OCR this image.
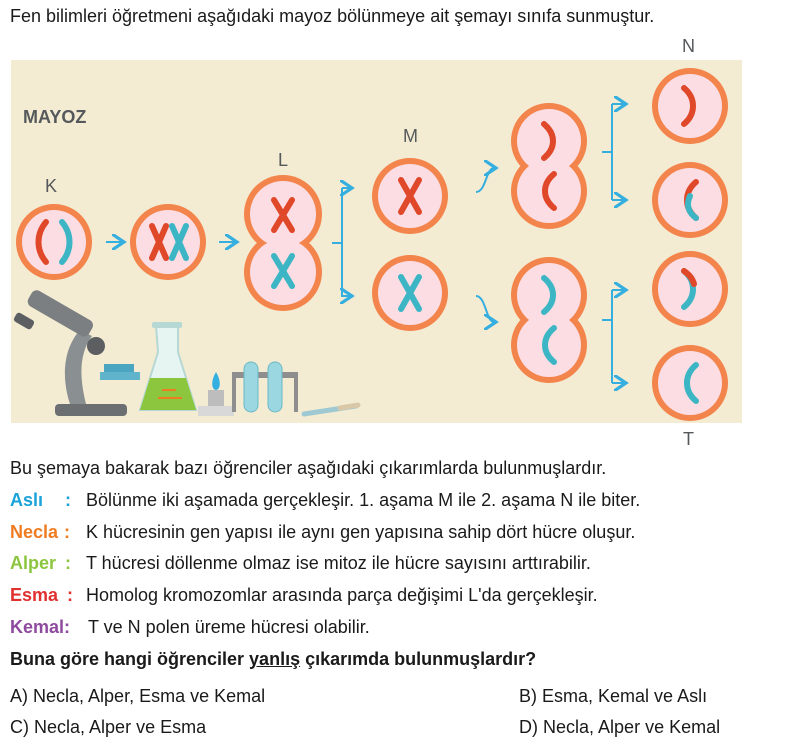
Fen bilimleri öğretmeni aşağıdaki mayoz bölünmeye ait şemayı sınıfa sunmuştur.
MAYOZ
K
L
M
N
T
Bu şemaya bakarak bazı öğrenciler aşağıdaki çıkarımlarda bulunmuşlardır.
Aslı : Bölünme iki aşamada gerçekleşir. 1. aşama M ile 2. aşama N ile biter.
Necla : K hücresinin gen yapısı ile aynı gen yapısına sahip dört hücre oluşur.
Alper : T hücresi döllenme olmaz ise mitoz ile hücre sayısını arttırabilir.
Esma : Homolog kromozomlar arasında parça değişimi L'da gerçekleşir.
Kemal: T ve N polen üreme hücresi olabilir.
Buna göre hangi öğrenciler yanlış çıkarımda bulunmuşlardır?
A) Necla, Alper, Esma ve Kemal	B) Esma, Kemal ve Aslı
C) Necla, Alper ve Esma	D) Necla, Alper ve Kemal
